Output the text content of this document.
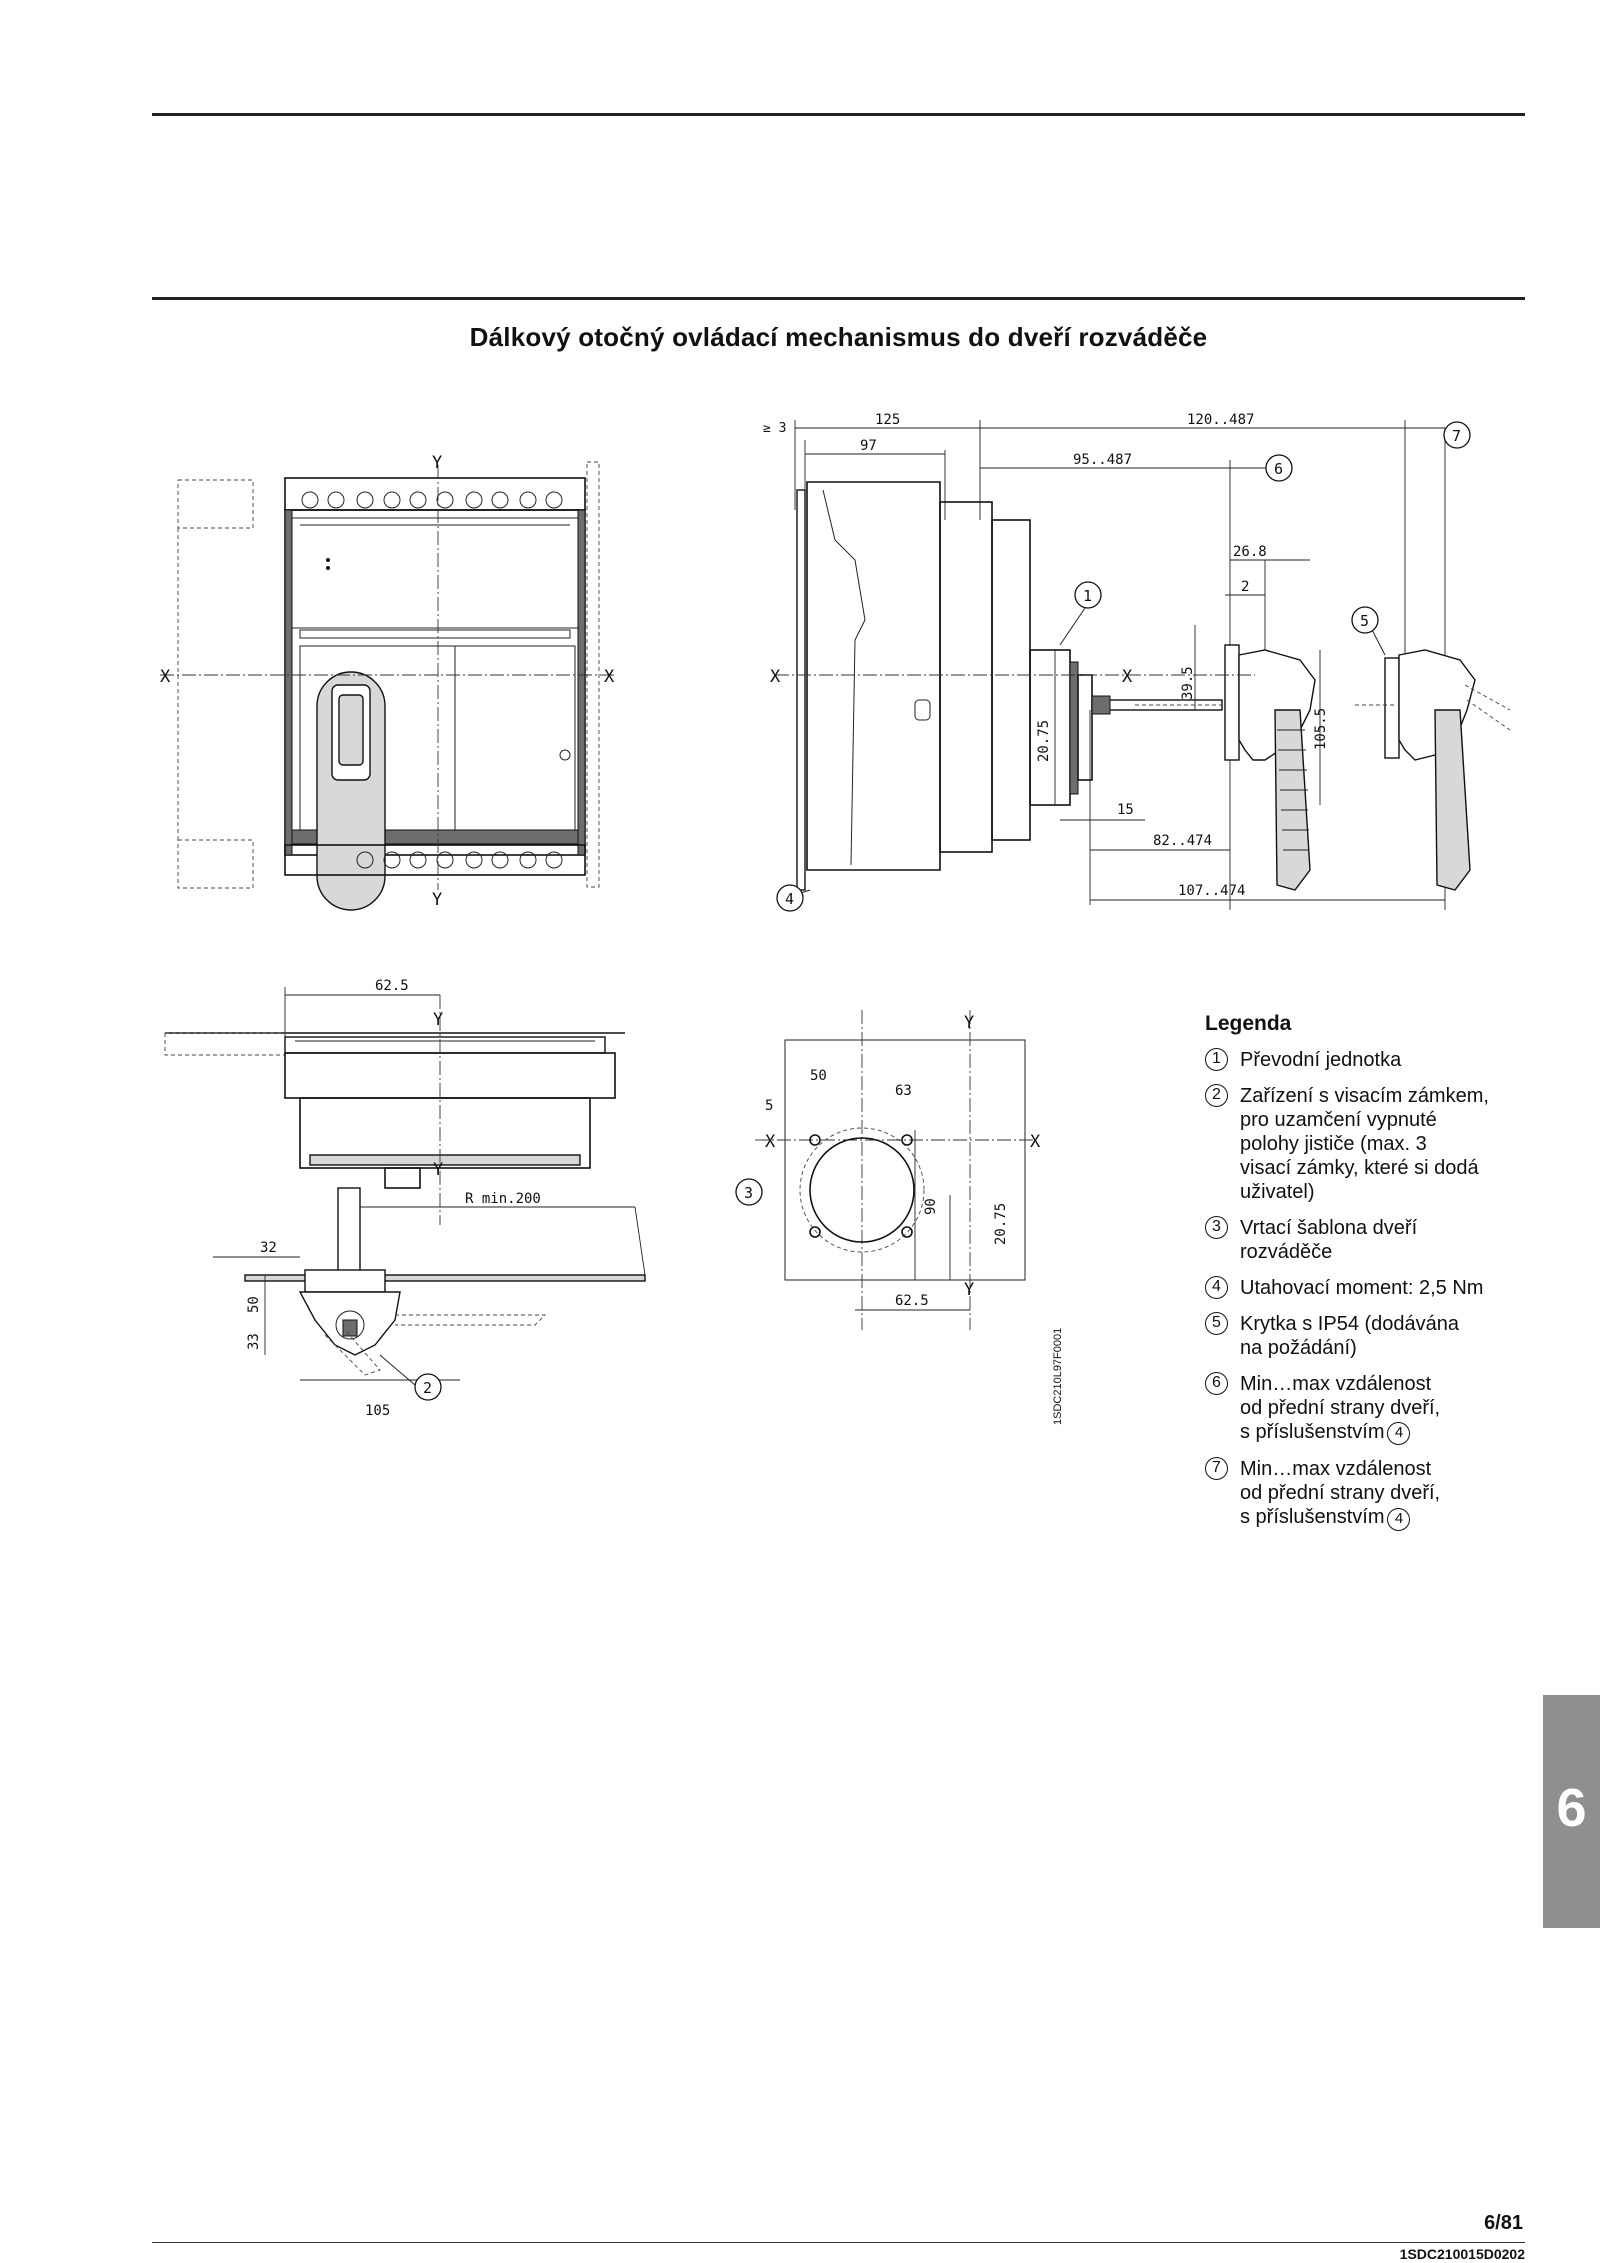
Dálkový otočný ovládací mechanismus do dveří rozváděče
X	X
Y
Y
≥ 3
125
97
120..487
95..487
26.8
2
20.75
39.5
105.5
15
82..474
107..474
X	X
1
4
5
6
7
62.5
R min.200
32
50
33
105
Y
Y
2
50
63
5
90	20.75
62.5
X	X
Y
Y
3
1SDC210L97F0001
Legenda
1 Převodní jednotka
2 Zařízení s visacím zámkem,
pro uzamčení vypnuté
polohy jističe (max. 3
visací zámky, které si dodá
uživatel)
3 Vrtací šablona dveří
rozváděče
4 Utahovací moment: 2,5 Nm
5 Krytka s IP54 (dodávána
na požádání)
6 Min…max vzdálenost
od přední strany dveří,
s příslušenstvím 4
7 Min…max vzdálenost
od přední strany dveří,
s příslušenstvím 4
6
6/81
1SDC210015D0202
